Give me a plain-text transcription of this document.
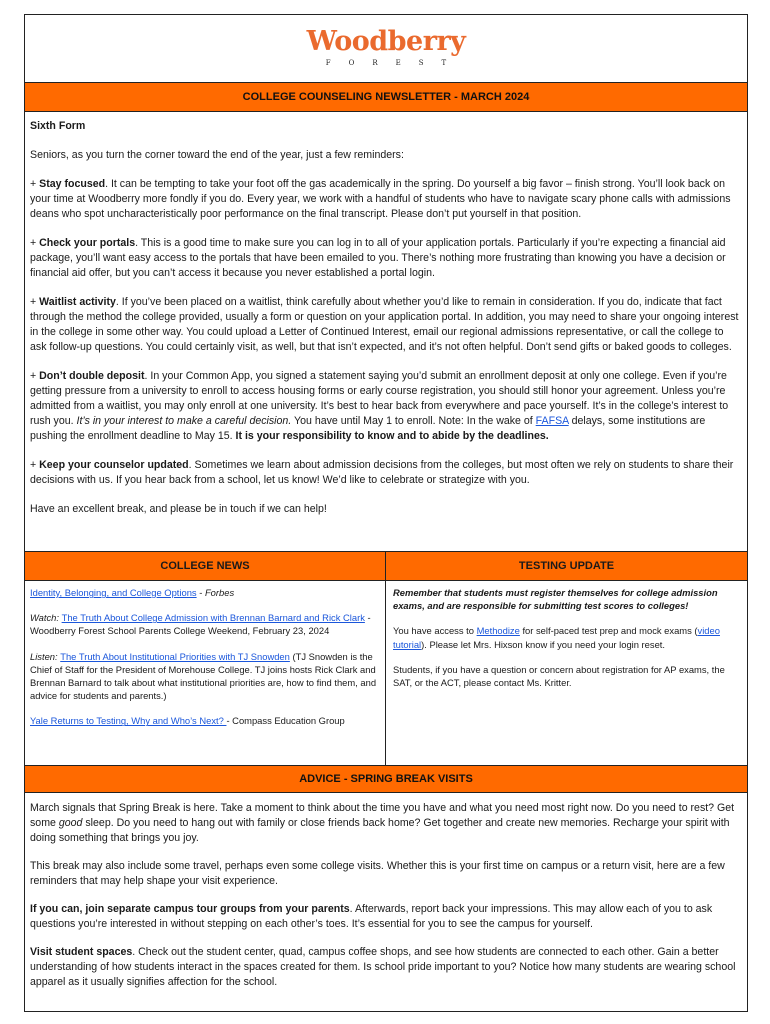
Woodberry
FOREST
COLLEGE COUNSELING NEWSLETTER - MARCH 2024

Sixth Form

Seniors, as you turn the corner toward the end of the year, just a few reminders:

+ Stay focused. It can be tempting to take your foot off the gas academically in the spring. Do yourself a big favor – finish strong. You’ll look back on your time at Woodberry more fondly if you do. Every year, we work with a handful of students who have to navigate scary phone calls with admissions deans who spot uncharacteristically poor performance on the final transcript. Please don’t put yourself in that position.

+ Check your portals. This is a good time to make sure you can log in to all of your application portals. Particularly if you’re expecting a financial aid package, you’ll want easy access to the portals that have been emailed to you. There’s nothing more frustrating than knowing you have a decision or financial aid offer, but you can’t access it because you never established a portal login.

+ Waitlist activity. If you’ve been placed on a waitlist, think carefully about whether you’d like to remain in consideration. If you do, indicate that fact through the method the college provided, usually a form or question on your application portal. In addition, you may need to share your ongoing interest in the college in some other way. You could upload a Letter of Continued Interest, email our regional admissions representative, or call the college to ask follow-up questions. You could certainly visit, as well, but that isn’t expected, and it’s not often helpful. Don’t send gifts or baked goods to colleges.

+ Don’t double deposit. In your Common App, you signed a statement saying you’d submit an enrollment deposit at only one college. Even if you’re getting pressure from a university to enroll to access housing forms or early course registration, you should still honor your agreement. Unless you’re admitted from a waitlist, you may only enroll at one university. It’s best to hear back from everywhere and pace yourself. It’s in the college’s interest to rush you. It’s in your interest to make a careful decision. You have until May 1 to enroll. Note: In the wake of FAFSA delays, some institutions are pushing the enrollment deadline to May 15. It is your responsibility to know and to abide by the deadlines.

+ Keep your counselor updated. Sometimes we learn about admission decisions from the colleges, but most often we rely on students to share their decisions with us. If you hear back from a school, let us know! We’d like to celebrate or strategize with you.

Have an excellent break, and please be in touch if we can help!

COLLEGE NEWS	TESTING UPDATE

Identity, Belonging, and College Options - Forbes

Watch: The Truth About College Admission with Brennan Barnard and Rick Clark - Woodberry Forest School Parents College Weekend, February 23, 2024

Listen: The Truth About Institutional Priorities with TJ Snowden (TJ Snowden is the Chief of Staff for the President of Morehouse College. TJ joins hosts Rick Clark and Brennan Barnard to talk about what institutional priorities are, how to find them, and advice for students and parents.)

Yale Returns to Testing, Why and Who’s Next? - Compass Education Group

Remember that students must register themselves for college admission exams, and are responsible for submitting test scores to colleges!

You have access to Methodize for self-paced test prep and mock exams (video tutorial). Please let Mrs. Hixson know if you need your login reset.

Students, if you have a question or concern about registration for AP exams, the SAT, or the ACT, please contact Ms. Kritter.

ADVICE - SPRING BREAK VISITS

March signals that Spring Break is here. Take a moment to think about the time you have and what you need most right now. Do you need to rest? Get some good sleep. Do you need to hang out with family or close friends back home? Get together and create new memories. Recharge your spirit with doing something that brings you joy.

This break may also include some travel, perhaps even some college visits. Whether this is your first time on campus or a return visit, here are a few reminders that may help shape your visit experience.

If you can, join separate campus tour groups from your parents. Afterwards, report back your impressions. This may allow each of you to ask questions you’re interested in without stepping on each other’s toes. It’s essential for you to see the campus for yourself.

Visit student spaces. Check out the student center, quad, campus coffee shops, and see how students are connected to each other. Gain a better understanding of how students interact in the spaces created for them. Is school pride important to you? Notice how many students are wearing school apparel as it usually signifies affection for the school.
